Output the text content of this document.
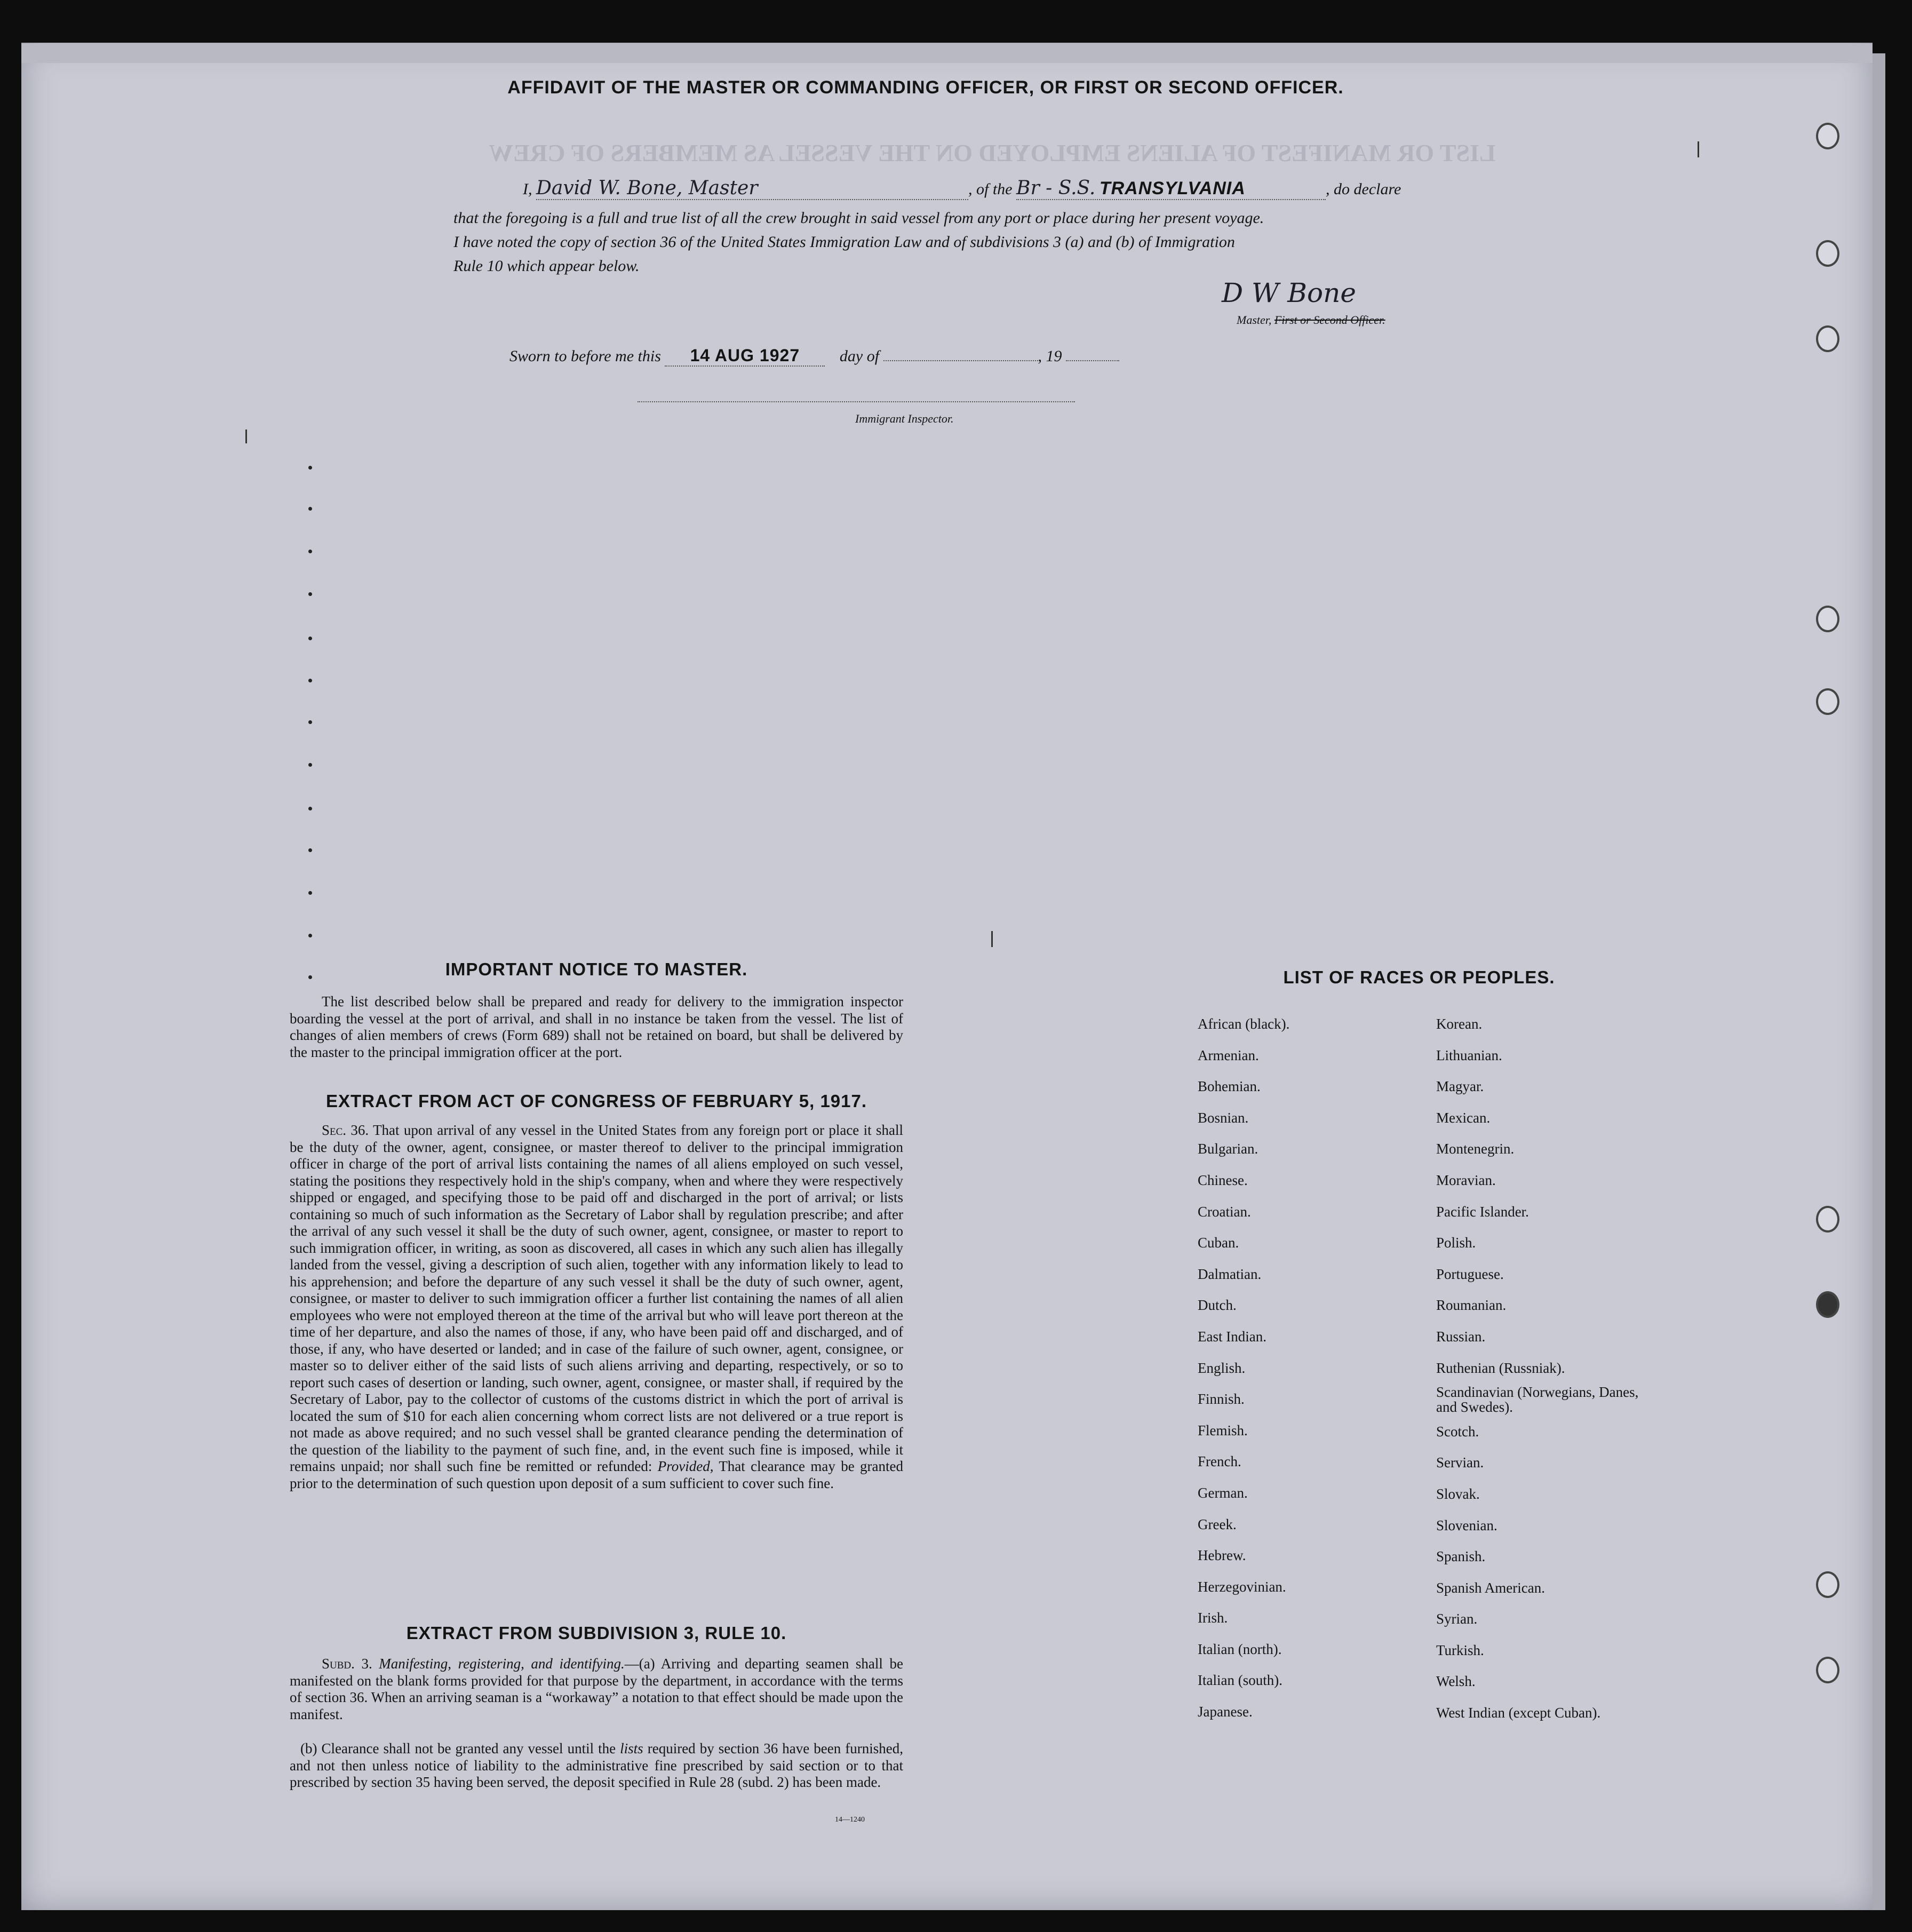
LIST OR MANIFEST OF ALIENS EMPLOYED ON THE VESSEL AS MEMBERS OF CREW
AFFIDAVIT OF THE MASTER OR COMMANDING OFFICER, OR FIRST OR SECOND OFFICER.
I, David W. Bone, Master	, of the Br - S.S. TRANSYLVANIA	, do declare
that the foregoing is a full and true list of all the crew brought in said vessel from any port or place during her present voyage.
I have noted the copy of section 36 of the United States Immigration Law and of subdivisions 3 (a) and (b) of Immigration
Rule 10 which appear below.
D W Bone
Master, First or Second Officer.
Sworn to before me this 14 AUG 1927 day of	, 19
Immigrant Inspector.
IMPORTANT NOTICE TO MASTER.
The list described below shall be prepared and ready for delivery to the immigration inspector boarding the vessel at the port of arrival, and shall in no instance be taken from the vessel. The list of changes of alien members of crews (Form 689) shall not be retained on board, but shall be delivered by the master to the principal immigration officer at the port.
EXTRACT FROM ACT OF CONGRESS OF FEBRUARY 5, 1917.
Sec. 36. That upon arrival of any vessel in the United States from any foreign port or place it shall be the duty of the owner, agent, consignee, or master thereof to deliver to the principal immigration officer in charge of the port of arrival lists containing the names of all aliens employed on such vessel, stating the positions they respectively hold in the ship's company, when and where they were respectively shipped or engaged, and specifying those to be paid off and discharged in the port of arrival; or lists containing so much of such information as the Secretary of Labor shall by regulation prescribe; and after the arrival of any such vessel it shall be the duty of such owner, agent, consignee, or master to report to such immigration officer, in writing, as soon as discovered, all cases in which any such alien has illegally landed from the vessel, giving a description of such alien, together with any information likely to lead to his apprehension; and before the departure of any such vessel it shall be the duty of such owner, agent, consignee, or master to deliver to such immigration officer a further list containing the names of all alien employees who were not employed thereon at the time of the arrival but who will leave port thereon at the time of her departure, and also the names of those, if any, who have been paid off and discharged, and of those, if any, who have deserted or landed; and in case of the failure of such owner, agent, consignee, or master so to deliver either of the said lists of such aliens arriving and departing, respectively, or so to report such cases of desertion or landing, such owner, agent, consignee, or master shall, if required by the Secretary of Labor, pay to the collector of customs of the customs district in which the port of arrival is located the sum of $10 for each alien concerning whom correct lists are not delivered or a true report is not made as above required; and no such vessel shall be granted clearance pending the determination of the question of the liability to the payment of such fine, and, in the event such fine is imposed, while it remains unpaid; nor shall such fine be remitted or refunded: Provided, That clearance may be granted prior to the determination of such question upon deposit of a sum sufficient to cover such fine.
EXTRACT FROM SUBDIVISION 3, RULE 10.
Subd. 3. Manifesting, registering, and identifying.—(a) Arriving and departing seamen shall be manifested on the blank forms provided for that purpose by the department, in accordance with the terms of section 36. When an arriving seaman is a “workaway” a notation to that effect should be made upon the manifest.
(b) Clearance shall not be granted any vessel until the lists required by section 36 have been furnished, and not then unless notice of liability to the administrative fine prescribed by said section or to that prescribed by section 35 having been served, the deposit specified in Rule 28 (subd. 2) has been made.
14—1240
LIST OF RACES OR PEOPLES.
African (black).
Armenian.
Bohemian.
Bosnian.
Bulgarian.
Chinese.
Croatian.
Cuban.
Dalmatian.
Dutch.
East Indian.
English.
Finnish.
Flemish.
French.
German.
Greek.
Hebrew.
Herzegovinian.
Irish.
Italian (north).
Italian (south).
Japanese.
Korean.
Lithuanian.
Magyar.
Mexican.
Montenegrin.
Moravian.
Pacific Islander.
Polish.
Portuguese.
Roumanian.
Russian.
Ruthenian (Russniak).
Scandinavian (Norwegians, Danes, and Swedes).
Scotch.
Servian.
Slovak.
Slovenian.
Spanish.
Spanish American.
Syrian.
Turkish.
Welsh.
West Indian (except Cuban).
